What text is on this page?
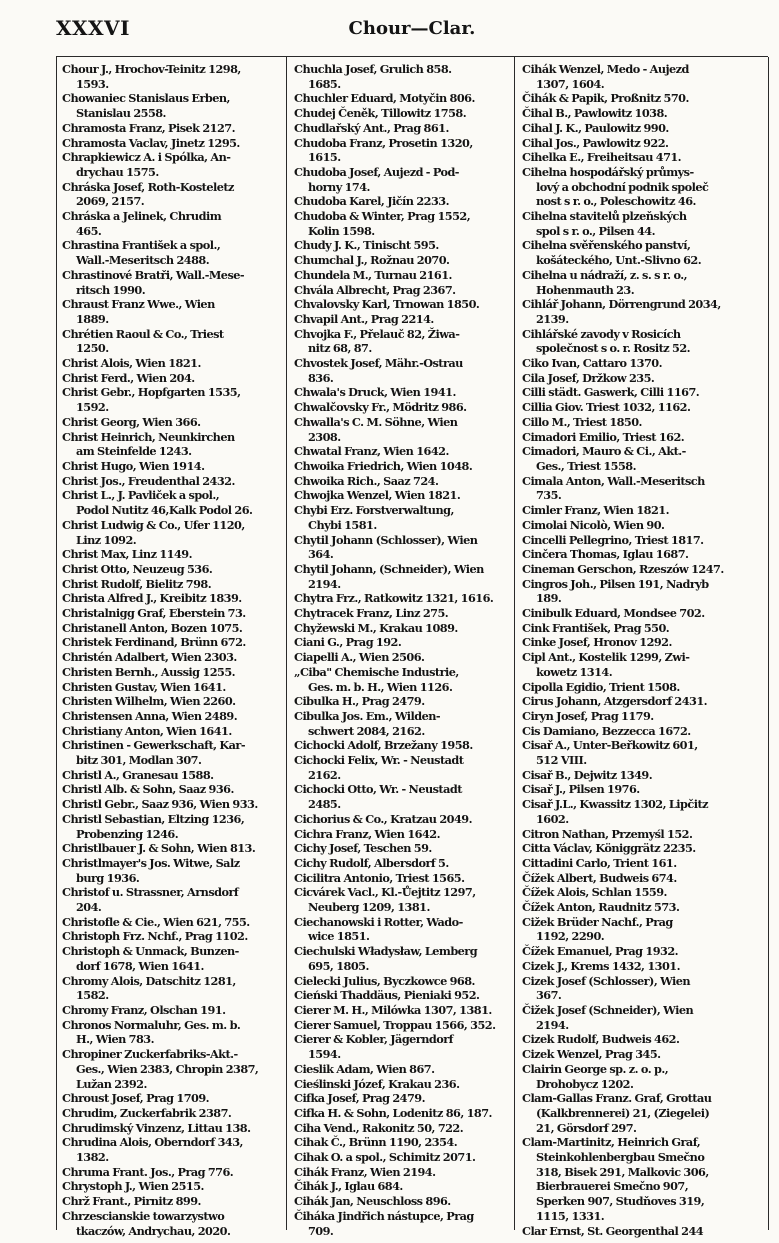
XXXVI	Chour—Clar.
Chour J., Hrochov-Teinitz 1298,
1593.
Chowaniec Stanislaus Erben,
Stanislau 2558.
Chramosta Franz, Pisek 2127.
Chramosta Vaclav, Jinetz 1295.
Chrapkiewicz A. i Spólka, An-
drychau 1575.
Chráska Josef, Roth-Kosteletz
2069, 2157.
Chráska a Jelinek, Chrudim
465.
Chrastina František a spol.,
Wall.-Meseritsch 2488.
Chrastinové Bratři, Wall.-Mese-
ritsch 1990.
Chraust Franz Wwe., Wien
1889.
Chrétien Raoul & Co., Triest
1250.
Christ Alois, Wien 1821.
Christ Ferd., Wien 204.
Christ Gebr., Hopfgarten 1535,
1592.
Christ Georg, Wien 366.
Christ Heinrich, Neunkirchen
am Steinfelde 1243.
Christ Hugo, Wien 1914.
Christ Jos., Freudenthal 2432.
Christ L., J. Pavliček a spol.,
Podol Nutitz 46,Kalk Podol 26.
Christ Ludwig & Co., Ufer 1120,
Linz 1092.
Christ Max, Linz 1149.
Christ Otto, Neuzeug 536.
Christ Rudolf, Bielitz 798.
Christa Alfred J., Kreibitz 1839.
Christalnigg Graf, Eberstein 73.
Christanell Anton, Bozen 1075.
Christek Ferdinand, Brünn 672.
Christén Adalbert, Wien 2303.
Christen Bernh., Aussig 1255.
Christen Gustav, Wien 1641.
Christen Wilhelm, Wien 2260.
Christensen Anna, Wien 2489.
Christiany Anton, Wien 1641.
Christinen - Gewerkschaft, Kar-
bitz 301, Modlan 307.
Christl A., Granesau 1588.
Christl Alb. & Sohn, Saaz 936.
Christl Gebr., Saaz 936, Wien 933.
Christl Sebastian, Eltzing 1236,
Probenzing 1246.
Christlbauer J. & Sohn, Wien 813.
Christlmayer's Jos. Witwe, Salz
burg 1936.
Christof u. Strassner, Arnsdorf
204.
Christofle & Cie., Wien 621, 755.
Christoph Frz. Nchf., Prag 1102.
Christoph & Unmack, Bunzen-
dorf 1678, Wien 1641.
Chromy Alois, Datschitz 1281,
1582.
Chromy Franz, Olschan 191.
Chronos Normaluhr, Ges. m. b.
H., Wien 783.
Chropiner Zuckerfabriks-Akt.-
Ges., Wien 2383, Chropin 2387,
Lužan 2392.
Chroust Josef, Prag 1709.
Chrudim, Zuckerfabrik 2387.
Chrudimský Vinzenz, Littau 138.
Chrudina Alois, Oberndorf 343,
1382.
Chruma Frant. Jos., Prag 776.
Chrystoph J., Wien 2515.
Chrž Frant., Pirnitz 899.
Chrzescianskie towarzystwo
tkaczów, Andrychau, 2020.
Chuchla Josef, Grulich 858.
1685.
Chuchler Eduard, Motyčin 806.
Chudej Čeněk, Tillowitz 1758.
Chudlařský Ant., Prag 861.
Chudoba Franz, Prosetin 1320,
1615.
Chudoba Josef, Aujezd - Pod-
horny 174.
Chudoba Karel, Jičín 2233.
Chudoba & Winter, Prag 1552,
Kolin 1598.
Chudy J. K., Tinischt 595.
Chumchal J., Rožnau 2070.
Chundela M., Turnau 2161.
Chvála Albrecht, Prag 2367.
Chvalovsky Karl, Trnowan 1850.
Chvapil Ant., Prag 2214.
Chvojka F., Přelauč 82, Žiwa-
nitz 68, 87.
Chvostek Josef, Mähr.-Ostrau
836.
Chwala's Druck, Wien 1941.
Chwalčovsky Fr., Mödritz 986.
Chwalla's C. M. Söhne, Wien
2308.
Chwatal Franz, Wien 1642.
Chwoika Friedrich, Wien 1048.
Chwoika Rich., Saaz 724.
Chwojka Wenzel, Wien 1821.
Chybi Erz. Forstverwaltung,
Chybi 1581.
Chytil Johann (Schlosser), Wien
364.
Chytil Johann, (Schneider), Wien
2194.
Chytra Frz., Ratkowitz 1321, 1616.
Chytracek Franz, Linz 275.
Chyžewski M., Krakau 1089.
Ciani G., Prag 192.
Ciapelli A., Wien 2506.
„Ciba" Chemische Industrie,
Ges. m. b. H., Wien 1126.
Cibulka H., Prag 2479.
Cibulka Jos. Em., Wilden-
schwert 2084, 2162.
Cichocki Adolf, Brzežany 1958.
Cichocki Felix, Wr. - Neustadt
2162.
Cichocki Otto, Wr. - Neustadt
2485.
Cichorius & Co., Kratzau 2049.
Cichra Franz, Wien 1642.
Cichy Josef, Teschen 59.
Cichy Rudolf, Albersdorf 5.
Cicilitra Antonio, Triest 1565.
Cicvárek Vacl., Kl.-Ůejtitz 1297,
Neuberg 1209, 1381.
Ciechanowski i Rotter, Wado-
wice 1851.
Ciechulski Władysław, Lemberg
695, 1805.
Cielecki Julius, Byczkowce 968.
Cieński Thaddäus, Pieniaki 952.
Cierer M. H., Milówka 1307, 1381.
Cierer Samuel, Troppau 1566, 352.
Cierer & Kobler, Jägerndorf
1594.
Cieslik Adam, Wien 867.
Cieślinski Józef, Krakau 236.
Cifka Josef, Prag 2479.
Cifka H. & Sohn, Lodenitz 86, 187.
Ciha Vend., Rakonitz 50, 722.
Cihak Č., Brünn 1190, 2354.
Cihak O. a spol., Schimitz 2071.
Cihák Franz, Wien 2194.
Čihák J., Iglau 684.
Cihák Jan, Neuschloss 896.
Čiháka Jindřich nástupce, Prag
709.
Cihák Wenzel, Medo - Aujezd
1307, 1604.
Čihák & Papik, Proßnitz 570.
Čihal B., Pawlowitz 1038.
Cihal J. K., Paulowitz 990.
Cihal Jos., Pawlowitz 922.
Cihelka E., Freiheitsau 471.
Cihelna hospodářský průmys-
lový a obchodní podnik společ
nost s r. o., Poleschowitz 46.
Cihelna stavitelů plzeňských
spol s r. o., Pilsen 44.
Cihelna svěřenského panství,
košáteckého, Unt.-Slivno 62.
Cihelna u nádraží, z. s. s r. o.,
Hohenmauth 23.
Cihlář Johann, Dörrengrund 2034,
2139.
Cihlářské zavody v Rosicích
společnost s o. r. Rositz 52.
Ciko Ivan, Cattaro 1370.
Cila Josef, Držkow 235.
Cilli städt. Gaswerk, Cilli 1167.
Cillia Giov. Triest 1032, 1162.
Cillo M., Triest 1850.
Cimadori Emilio, Triest 162.
Cimadori, Mauro & Ci., Akt.-
Ges., Triest 1558.
Cimala Anton, Wall.-Meseritsch
735.
Cimler Franz, Wien 1821.
Cimolai Nicolò, Wien 90.
Cincelli Pellegrino, Triest 1817.
Cinčera Thomas, Iglau 1687.
Cineman Gerschon, Rzeszów 1247.
Cingros Joh., Pilsen 191, Nadryb
189.
Cinibulk Eduard, Mondsee 702.
Cink František, Prag 550.
Cinke Josef, Hronov 1292.
Cipl Ant., Kostelik 1299, Zwi-
kowetz 1314.
Cipolla Egidio, Trient 1508.
Cirus Johann, Atzgersdorf 2431.
Ciryn Josef, Prag 1179.
Cis Damiano, Bezzecca 1672.
Cisař A., Unter-Beřkowitz 601,
512 VIII.
Cisař B., Dejwitz 1349.
Cisař J., Pilsen 1976.
Cisař J.L., Kwassitz 1302, Lipčitz
1602.
Citron Nathan, Przemyśl 152.
Citta Václav, Königgrätz 2235.
Cittadini Carlo, Trient 161.
Čížek Albert, Budweis 674.
Čížek Alois, Schlan 1559.
Čížek Anton, Raudnitz 573.
Cižek Brüder Nachf., Prag
1192, 2290.
Čížek Emanuel, Prag 1932.
Cizek J., Krems 1432, 1301.
Cizek Josef (Schlosser), Wien
367.
Čižek Josef (Schneider), Wien
2194.
Cizek Rudolf, Budweis 462.
Cizek Wenzel, Prag 345.
Clairin George sp. z. o. p.,
Drohobycz 1202.
Clam-Gallas Franz. Graf, Grottau
(Kalkbrennerei) 21, (Ziegelei)
21, Görsdorf 297.
Clam-Martinitz, Heinrich Graf,
Steinkohlenbergbau Smečno
318, Bisek 291, Malkovic 306,
Bierbrauerei Smečno 907,
Sperken 907, Studňoves 319,
1115, 1331.
Clar Ernst, St. Georgenthal 244
